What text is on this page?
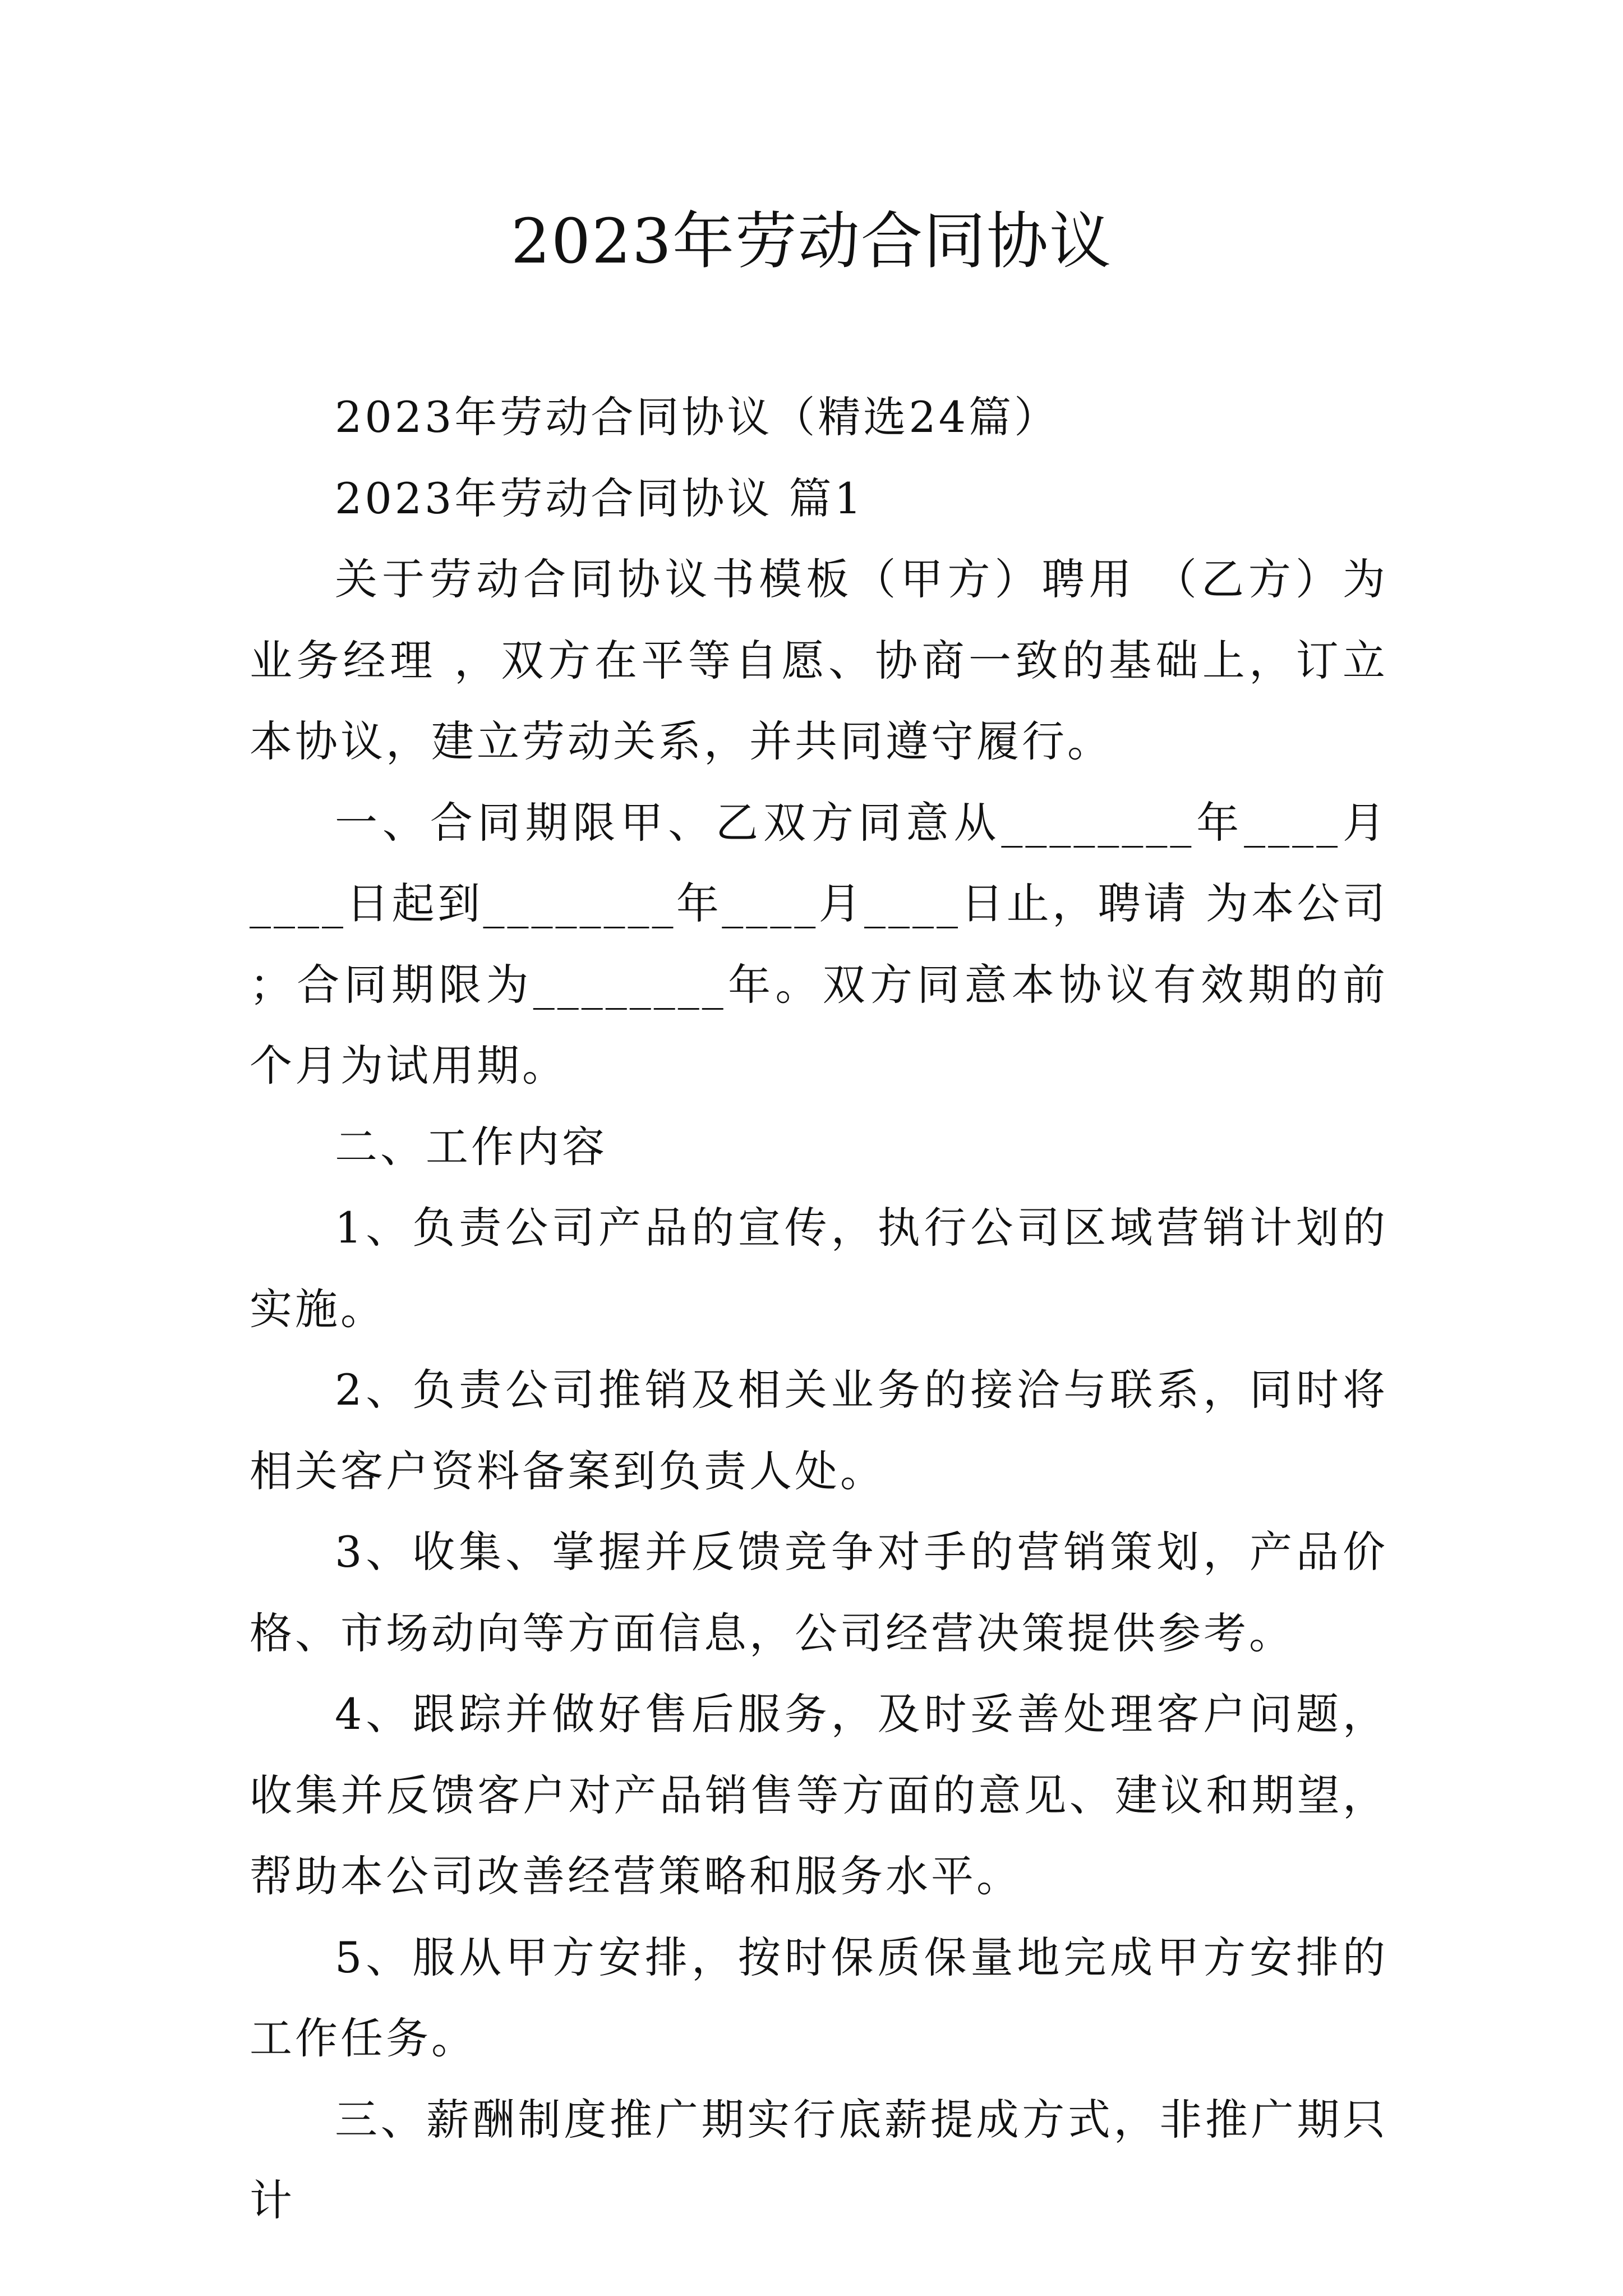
2023年劳动合同协议

2023年劳动合同协议（精选24篇）

2023年劳动合同协议 篇1

关于劳动合同协议书模板（甲方）聘用 （乙方）为 业务经理 ，双方在平等自愿、协商一致的基础上，订立本协议，建立劳动关系，并共同遵守履行。

一、合同期限甲、乙双方同意从________年____月____日起到________年____月____日止，聘请 为本公司 ；合同期限为________年。双方同意本协议有效期的前 个月为试用期。

二、工作内容

1、负责公司产品的宣传，执行公司区域营销计划的实施。

2、负责公司推销及相关业务的接洽与联系，同时将相关客户资料备案到负责人处。

3、收集、掌握并反馈竞争对手的营销策划，产品价格、市场动向等方面信息，公司经营决策提供参考。

4、跟踪并做好售后服务，及时妥善处理客户问题，收集并反馈客户对产品销售等方面的意见、建议和期望，帮助本公司改善经营策略和服务水平。

5、服从甲方安排，按时保质保量地完成甲方安排的工作任务。

三、薪酬制度推广期实行底薪提成方式，非推广期只计
